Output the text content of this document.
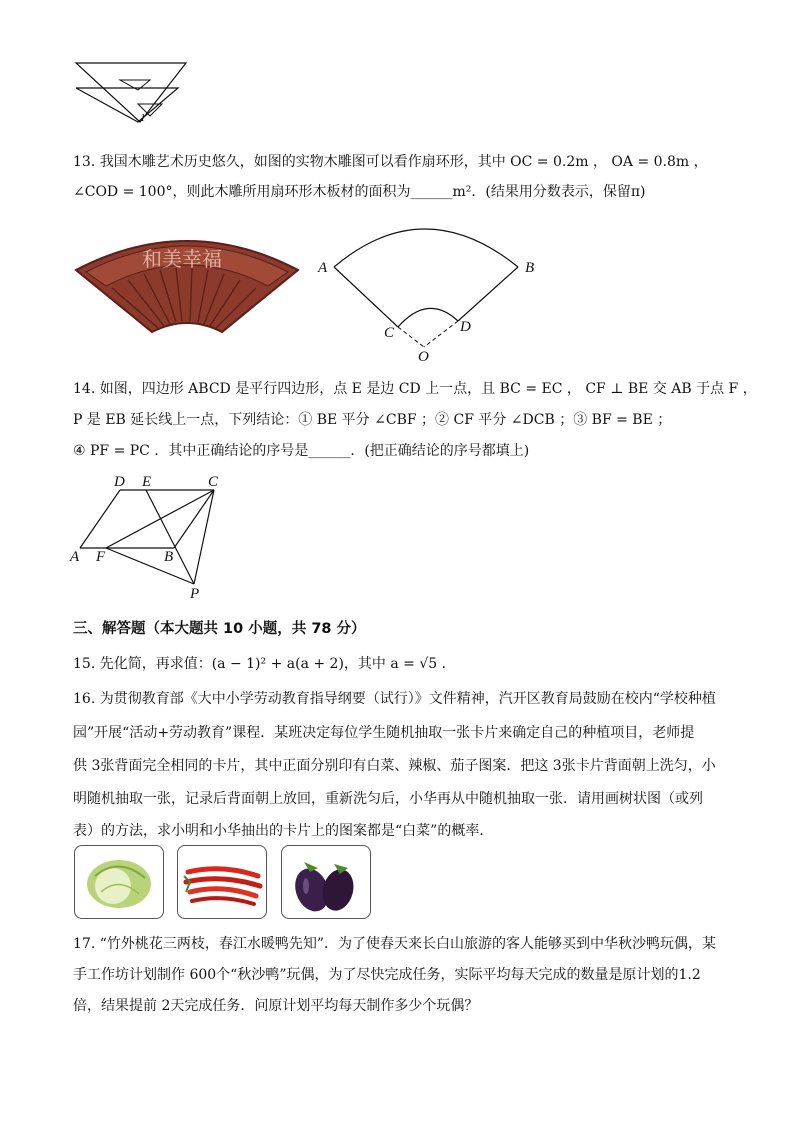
1
13. 我国木雕艺术历史悠久，如图的实物木雕图可以看作扇环形，其中 OC = 0.2m ， OA = 0.8m ，
∠COD = 100°，则此木雕所用扇环形木板材的面积为______m²．(结果用分数表示，保留π)
和美幸福	A	B
C	D
O
14. 如图，四边形 ABCD 是平行四边形，点 E 是边 CD 上一点，且 BC = EC ， CF ⊥ BE 交 AB 于点 F ，
P 是 EB 延长线上一点，下列结论：① BE 平分 ∠CBF ；② CF 平分 ∠DCB ；③ BF = BE ；
④ PF = PC ．其中正确结论的序号是______．(把正确结论的序号都填上)
D E	C
A F	B
P
三、解答题（本大题共 10 小题，共 78 分）
15. 先化简，再求值：(a − 1)² + a(a + 2)，其中 a = √5 ．
16. 为贯彻教育部《大中小学劳动教育指导纲要（试行）》文件精神，汽开区教育局鼓励在校内“学校种植
园”开展“活动+劳动教育”课程．某班决定每位学生随机抽取一张卡片来确定自己的种植项目，老师提
供 3张背面完全相同的卡片，其中正面分别印有白菜、辣椒、茄子图案．把这 3张卡片背面朝上洗匀，小
明随机抽取一张，记录后背面朝上放回，重新洗匀后，小华再从中随机抽取一张．请用画树状图（或列
表）的方法，求小明和小华抽出的卡片上的图案都是“白菜”的概率．
17. “竹外桃花三两枝，春江水暖鸭先知”．为了使春天来长白山旅游的客人能够买到中华秋沙鸭玩偶，某
手工作坊计划制作 600个“秋沙鸭”玩偶，为了尽快完成任务，实际平均每天完成的数量是原计划的1.2
倍，结果提前 2天完成任务．问原计划平均每天制作多少个玩偶？
